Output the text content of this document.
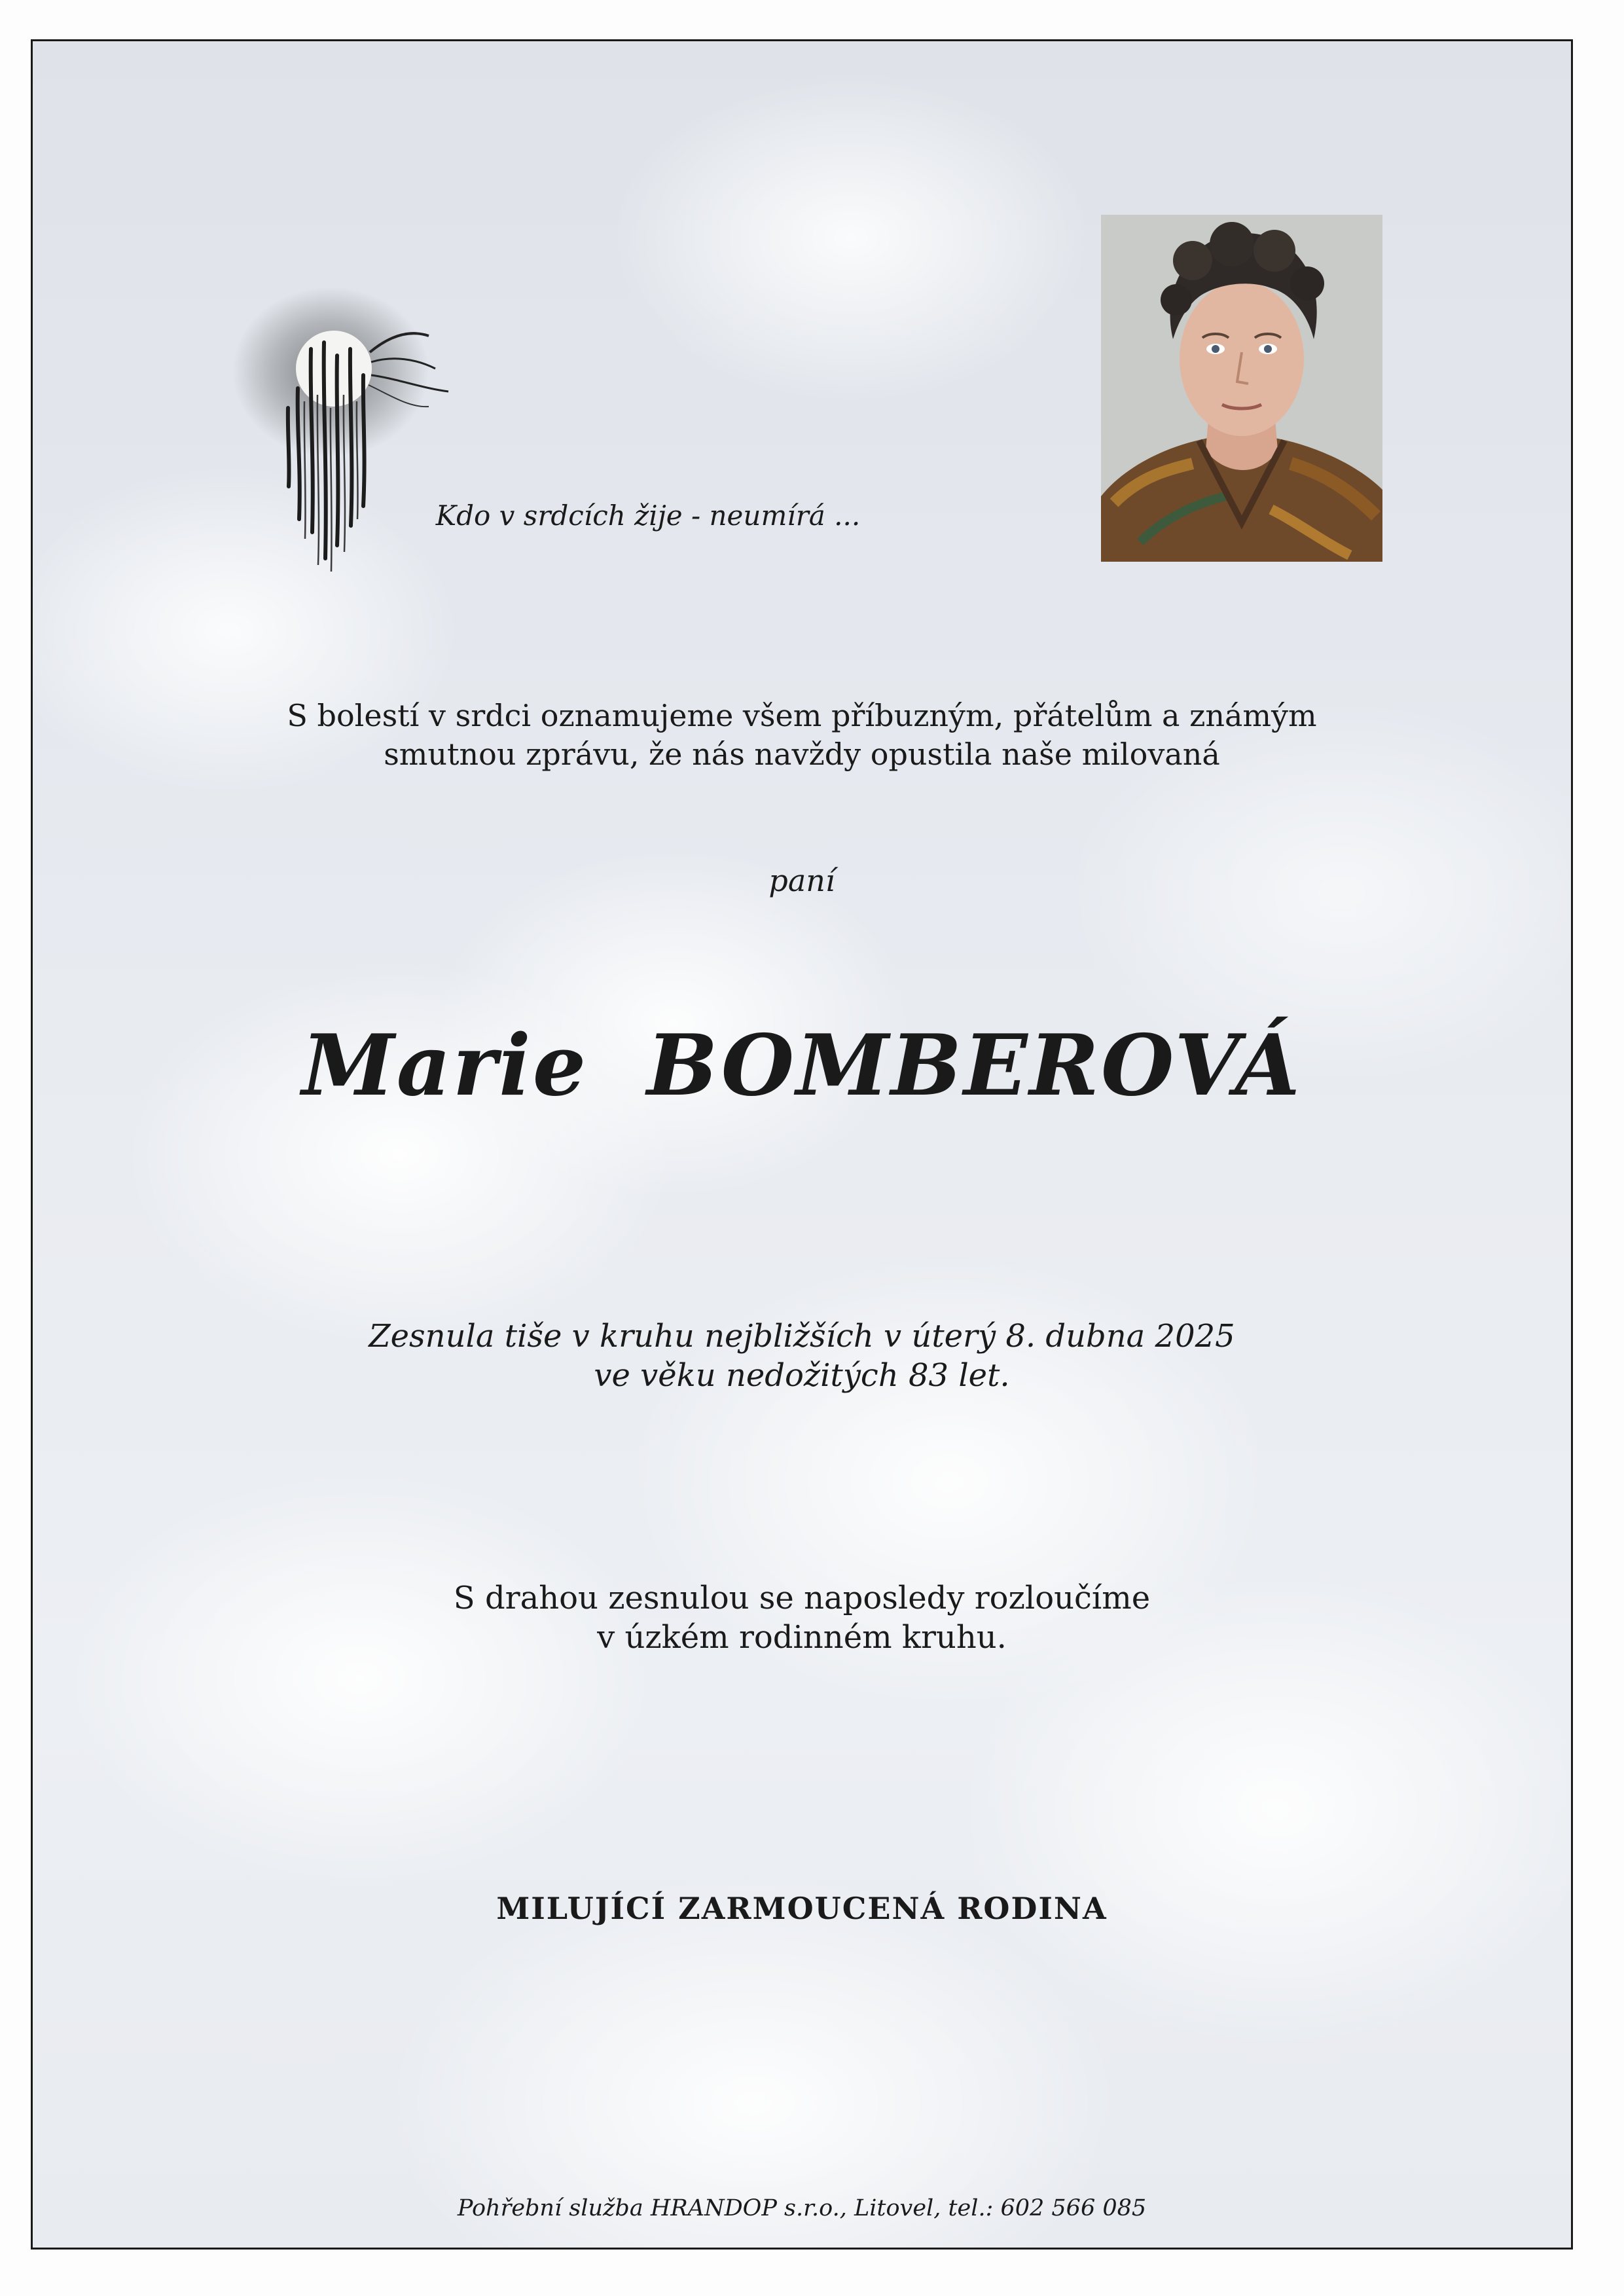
Kdo v srdcích žije - neumírá ...
S bolestí v srdci oznamujeme všem příbuzným, přátelům a známým
smutnou zprávu, že nás navždy opustila naše milovaná
paní
Marie BOMBEROVÁ
Zesnula tiše v kruhu nejbližších v úterý 8. dubna 2025
ve věku nedožitých 83 let.
S drahou zesnulou se naposledy rozloučíme
v úzkém rodinném kruhu.
MILUJÍCÍ ZARMOUCENÁ RODINA
Pohřební služba HRANDOP s.r.o., Litovel, tel.: 602 566 085
